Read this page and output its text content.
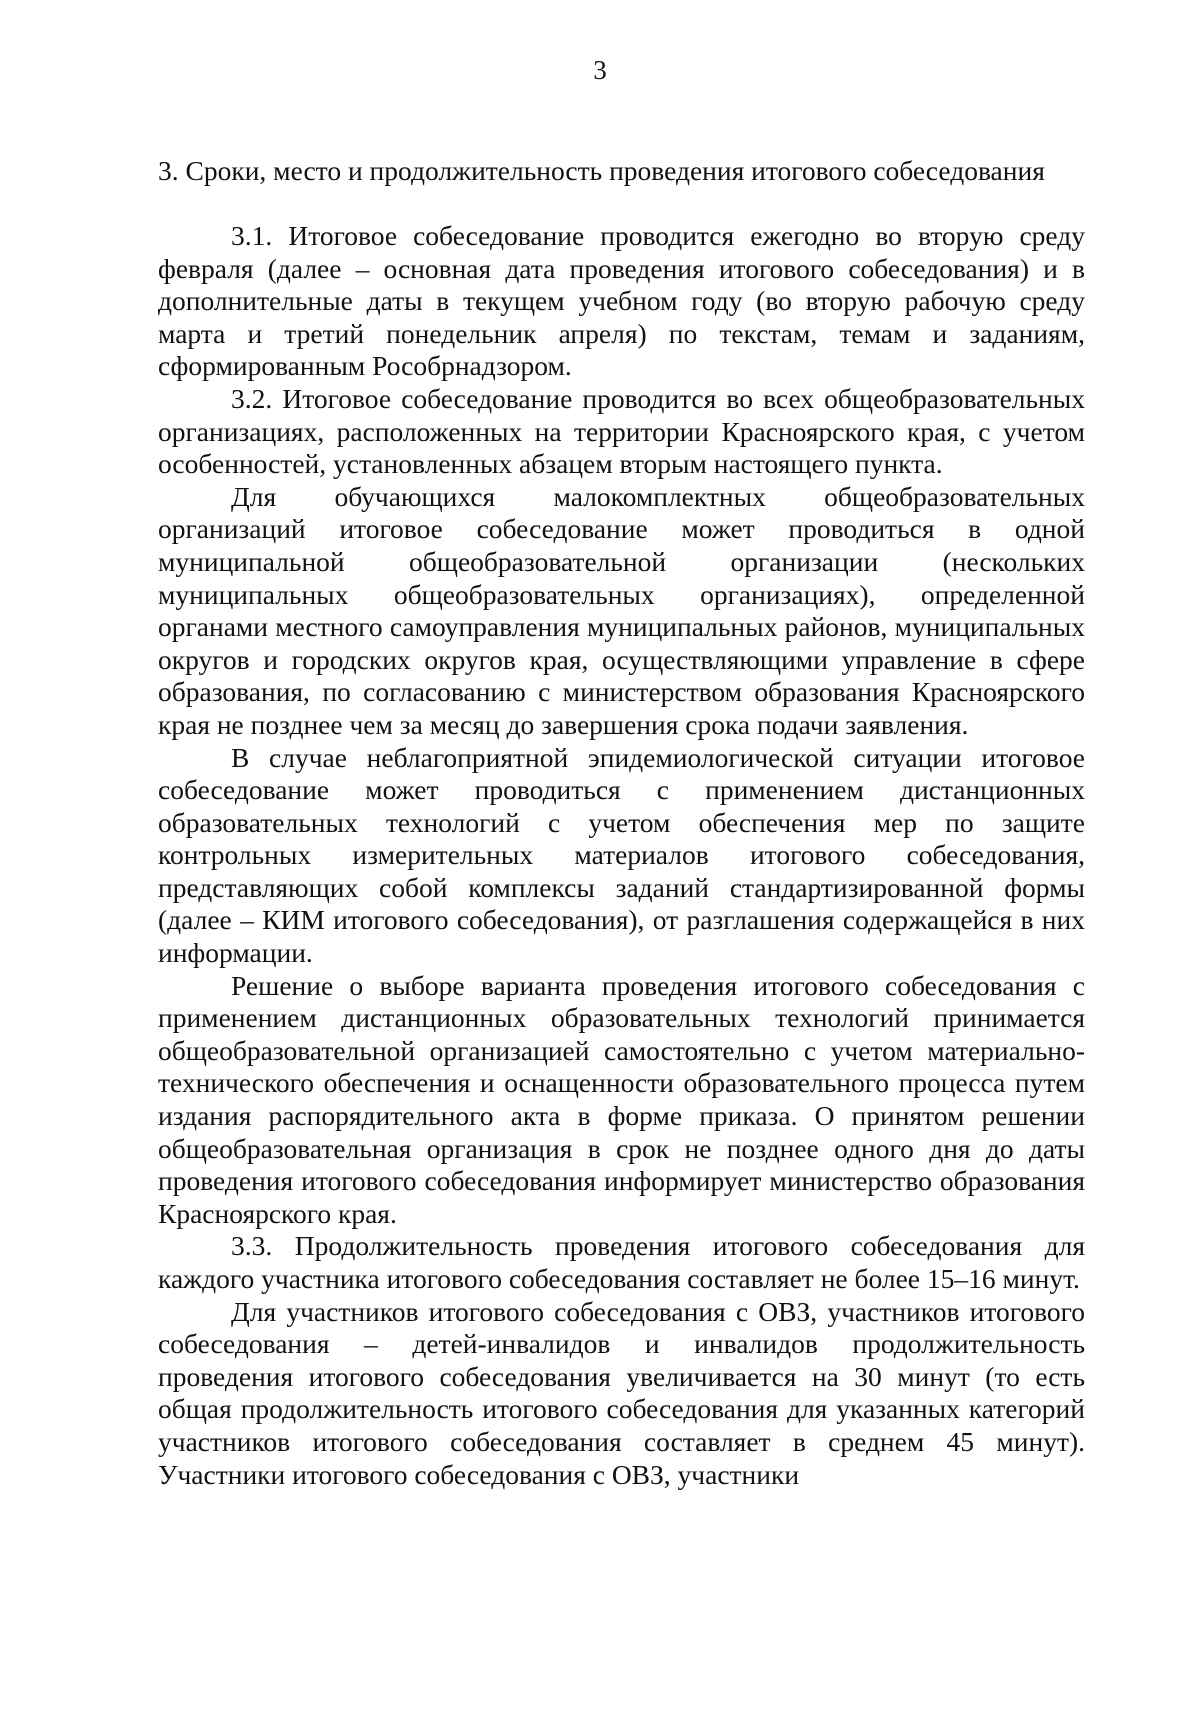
3
3. Сроки, место и продолжительность проведения итогового собеседования

3.1. Итоговое собеседование проводится ежегодно во вторую среду февраля (далее – основная дата проведения итогового собеседования) и в дополнительные даты в текущем учебном году (во вторую рабочую среду марта и третий понедельник апреля) по текстам, темам и заданиям, сформированным Рособрнадзором.

3.2. Итоговое собеседование проводится во всех общеобразовательных организациях, расположенных на территории Красноярского края, с учетом особенностей, установленных абзацем вторым настоящего пункта.

Для обучающихся малокомплектных общеобразовательных организаций итоговое собеседование может проводиться в одной муниципальной общеобразовательной организации (нескольких муниципальных общеобразовательных организациях), определенной органами местного самоуправления муниципальных районов, муниципальных округов и городских округов края, осуществляющими управление в сфере образования, по согласованию с министерством образования Красноярского края не позднее чем за месяц до завершения срока подачи заявления.

В случае неблагоприятной эпидемиологической ситуации итоговое собеседование может проводиться с применением дистанционных образовательных технологий с учетом обеспечения мер по защите контрольных измерительных материалов итогового собеседования, представляющих собой комплексы заданий стандартизированной формы (далее – КИМ итогового собеседования), от разглашения содержащейся в них информации.

Решение о выборе варианта проведения итогового собеседования с применением дистанционных образовательных технологий принимается общеобразовательной организацией самостоятельно с учетом материально-технического обеспечения и оснащенности образовательного процесса путем издания распорядительного акта в форме приказа. О принятом решении общеобразовательная организация в срок не позднее одного дня до даты проведения итогового собеседования информирует министерство образования Красноярского края.

3.3. Продолжительность проведения итогового собеседования для каждого участника итогового собеседования составляет не более 15–16 минут.

Для участников итогового собеседования с ОВЗ, участников итогового собеседования – детей-инвалидов и инвалидов продолжительность проведения итогового собеседования увеличивается на 30 минут (то есть общая продолжительность итогового собеседования для указанных категорий участников итогового собеседования составляет в среднем 45 минут). Участники итогового собеседования с ОВЗ, участники
